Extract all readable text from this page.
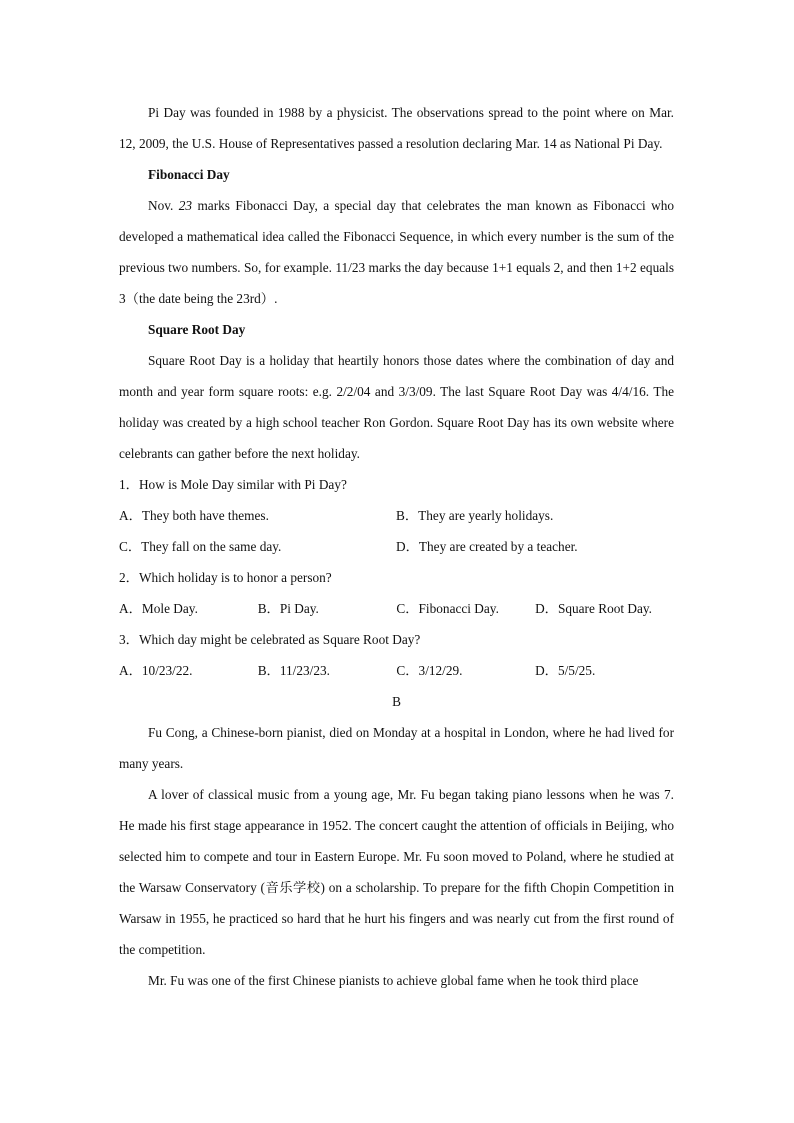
Pi Day was founded in 1988 by a physicist. The observations spread to the point where on Mar. 12, 2009, the U.S. House of Representatives passed a resolution declaring Mar. 14 as National Pi Day.

Fibonacci Day

Nov. 23 marks Fibonacci Day, a special day that celebrates the man known as Fibonacci who developed a mathematical idea called the Fibonacci Sequence, in which every number is the sum of the previous two numbers. So, for example. 11/23 marks the day because 1+1 equals 2, and then 1+2 equals 3（the date being the 23rd）.

Square Root Day

Square Root Day is a holiday that heartily honors those dates where the combination of day and month and year form square roots: e.g. 2/2/04 and 3/3/09. The last Square Root Day was 4/4/16. The holiday was created by a high school teacher Ron Gordon. Square Root Day has its own website where celebrants can gather before the next holiday.

1．How is Mole Day similar with Pi Day?

A．They both have themes.	B．They are yearly holidays.
C．They fall on the same day.	D．They are created by a teacher.

2．Which holiday is to honor a person?

A．Mole Day.	B．Pi Day.	C．Fibonacci Day.	D．Square Root Day.

3．Which day might be celebrated as Square Root Day?

A．10/23/22.	B．11/23/23.	C．3/12/29.	D．5/5/25.

B

Fu Cong, a Chinese-born pianist, died on Monday at a hospital in London, where he had lived for many years.

A lover of classical music from a young age, Mr. Fu began taking piano lessons when he was 7. He made his first stage appearance in 1952. The concert caught the attention of officials in Beijing, who selected him to compete and tour in Eastern Europe. Mr. Fu soon moved to Poland, where he studied at the Warsaw Conservatory (音乐学校) on a scholarship. To prepare for the fifth Chopin Competition in Warsaw in 1955, he practiced so hard that he hurt his fingers and was nearly cut from the first round of the competition.

Mr. Fu was one of the first Chinese pianists to achieve global fame when he took third place
